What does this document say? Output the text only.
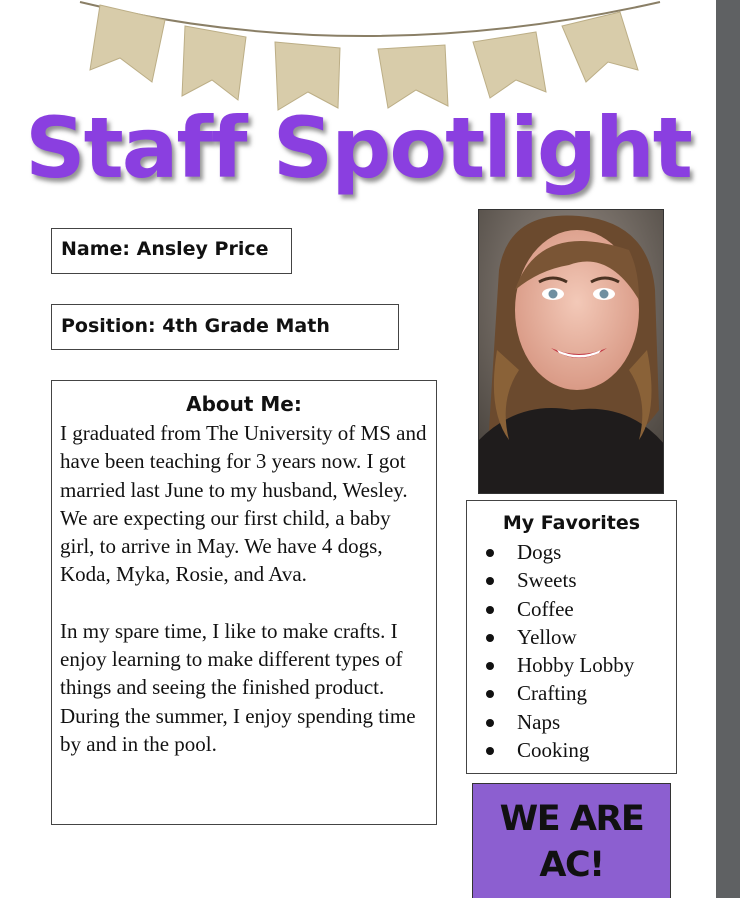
Staff Spotlight
Name: Ansley Price
Position: 4th Grade Math
About Me:

I graduated from The University of MS and have been teaching for 3 years now. I got married last June to my husband, Wesley. We are expecting our first child, a baby girl, to arrive in May. We have 4 dogs, Koda, Myka, Rosie, and Ava.

In my spare time, I like to make crafts. I enjoy learning to make different types of things and seeing the finished product. During the summer, I enjoy spending time by and in the pool.

My Favorites
Dogs
Sweets
Coffee
Yellow
Hobby Lobby
Crafting
Naps
Cooking
WE ARE
AC!
